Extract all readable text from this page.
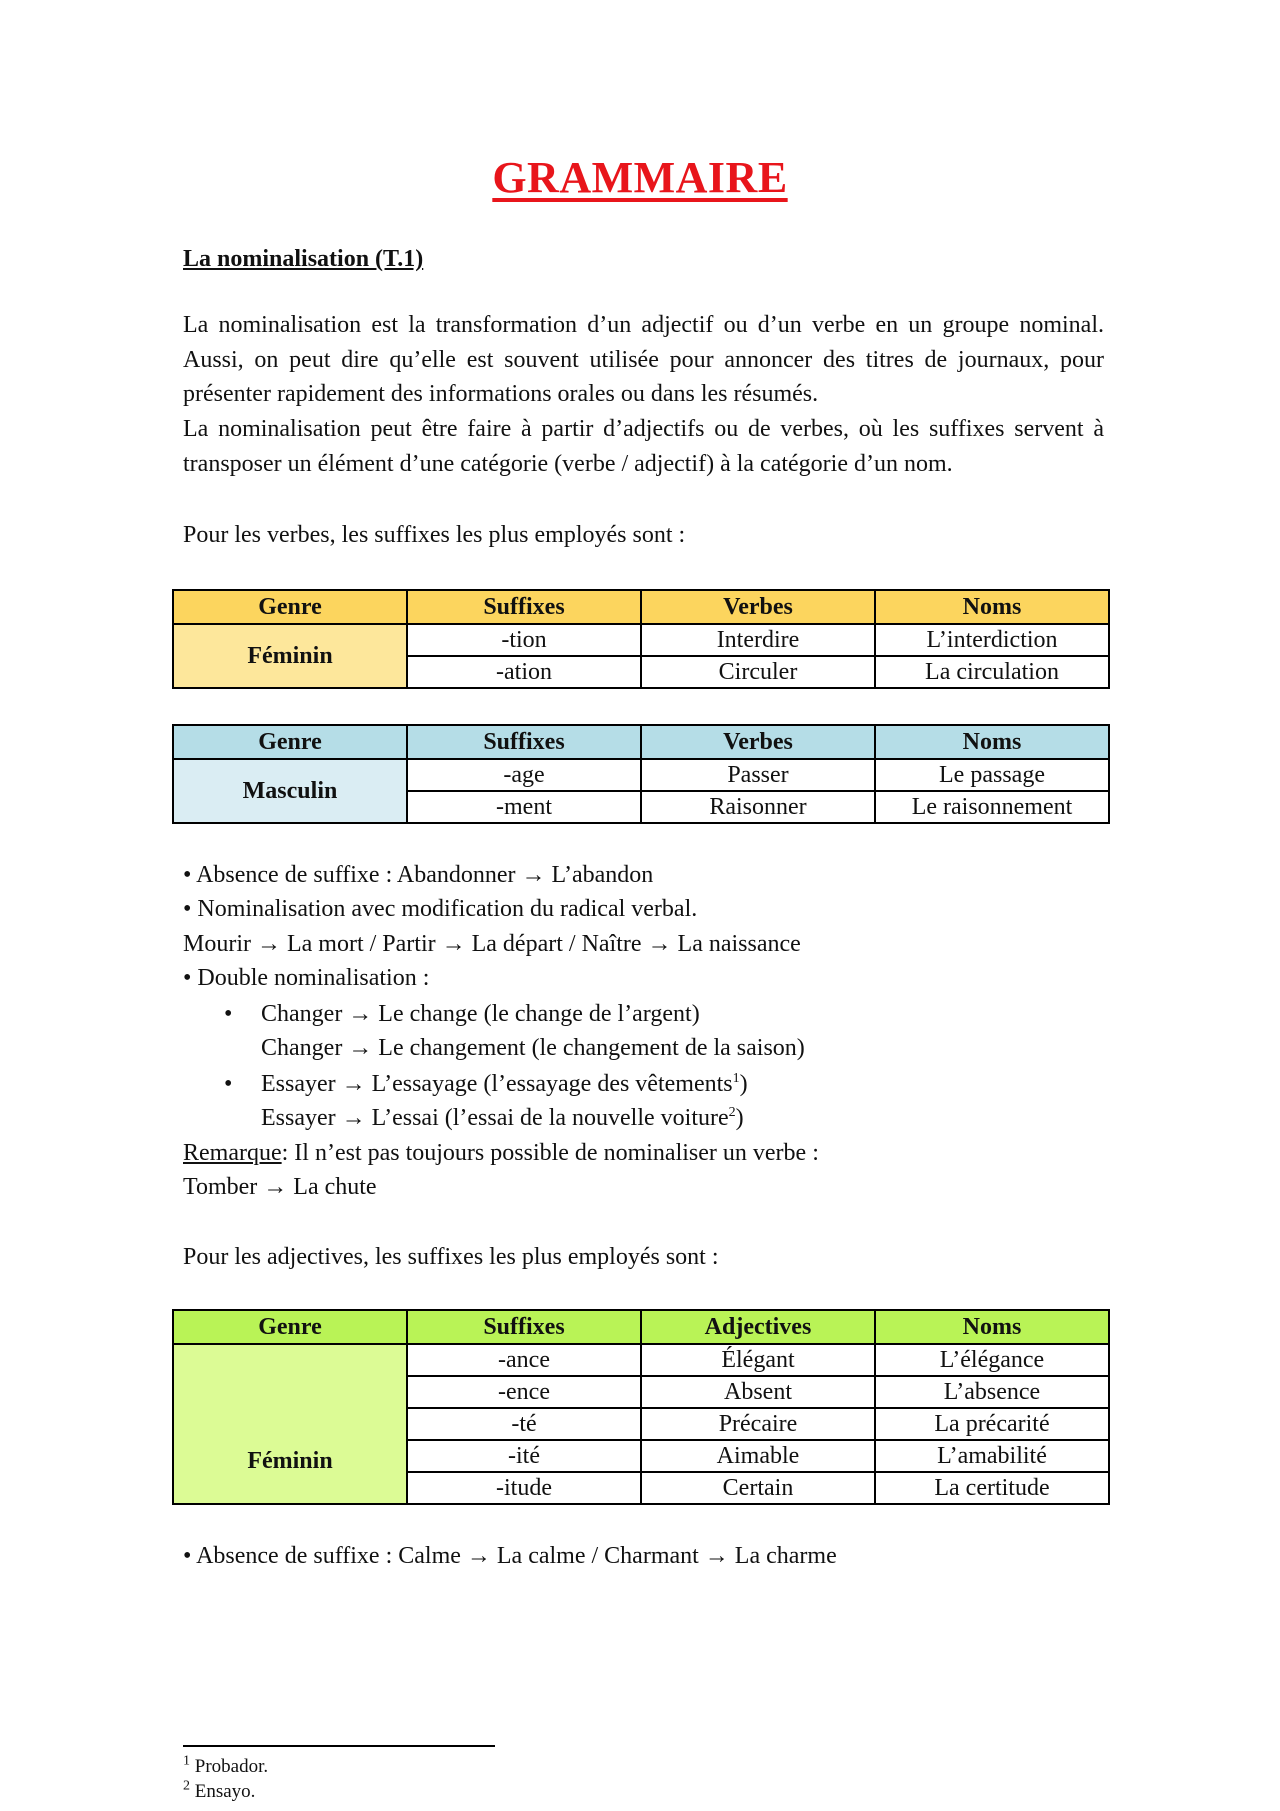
GRAMMAIRE
La nominalisation (T.1)

La nominalisation est la transformation d’un adjectif ou d’un verbe en un groupe nominal. Aussi, on peut dire qu’elle est souvent utilisée pour annoncer des titres de journaux, pour présenter rapidement des informations orales ou dans les résumés.

La nominalisation peut être faire à partir d’adjectifs ou de verbes, où les suffixes servent à transposer un élément d’une catégorie (verbe / adjectif) à la catégorie d’un nom.

Pour les verbes, les suffixes les plus employés sont :

Genre	Suffixes	Verbes	Noms
Féminin	-tion	Interdire	L’interdiction
	-ation	Circuler	La circulation
Genre	Suffixes	Verbes	Noms
Masculin	-age	Passer	Le passage
	-ment	Raisonner	Le raisonnement

• Absence de suffixe : Abandonner → L’abandon

• Nominalisation avec modification du radical verbal.

Mourir → La mort / Partir → La départ / Naître → La naissance

• Double nominalisation :

• Changer → Le change (le change de l’argent)

Changer → Le changement (le changement de la saison)

• Essayer → L’essayage (l’essayage des vêtements$^1$)

Essayer → L’essai (l’essai de la nouvelle voiture$^2$)

Remarque: Il n’est pas toujours possible de nominaliser un verbe :

Tomber → La chute

Pour les adjectives, les suffixes les plus employés sont :

Genre	Suffixes	Adjectives	Noms
Féminin	-ance	Élégant	L’élégance
	-ence	Absent	L’absence
	-té	Précaire	La précarité
	-ité	Aimable	L’amabilité
	-itude	Certain	La certitude

• Absence de suffixe : Calme → La calme / Charmant → La charme

$^1$ Probador.

$^2$ Ensayo.
